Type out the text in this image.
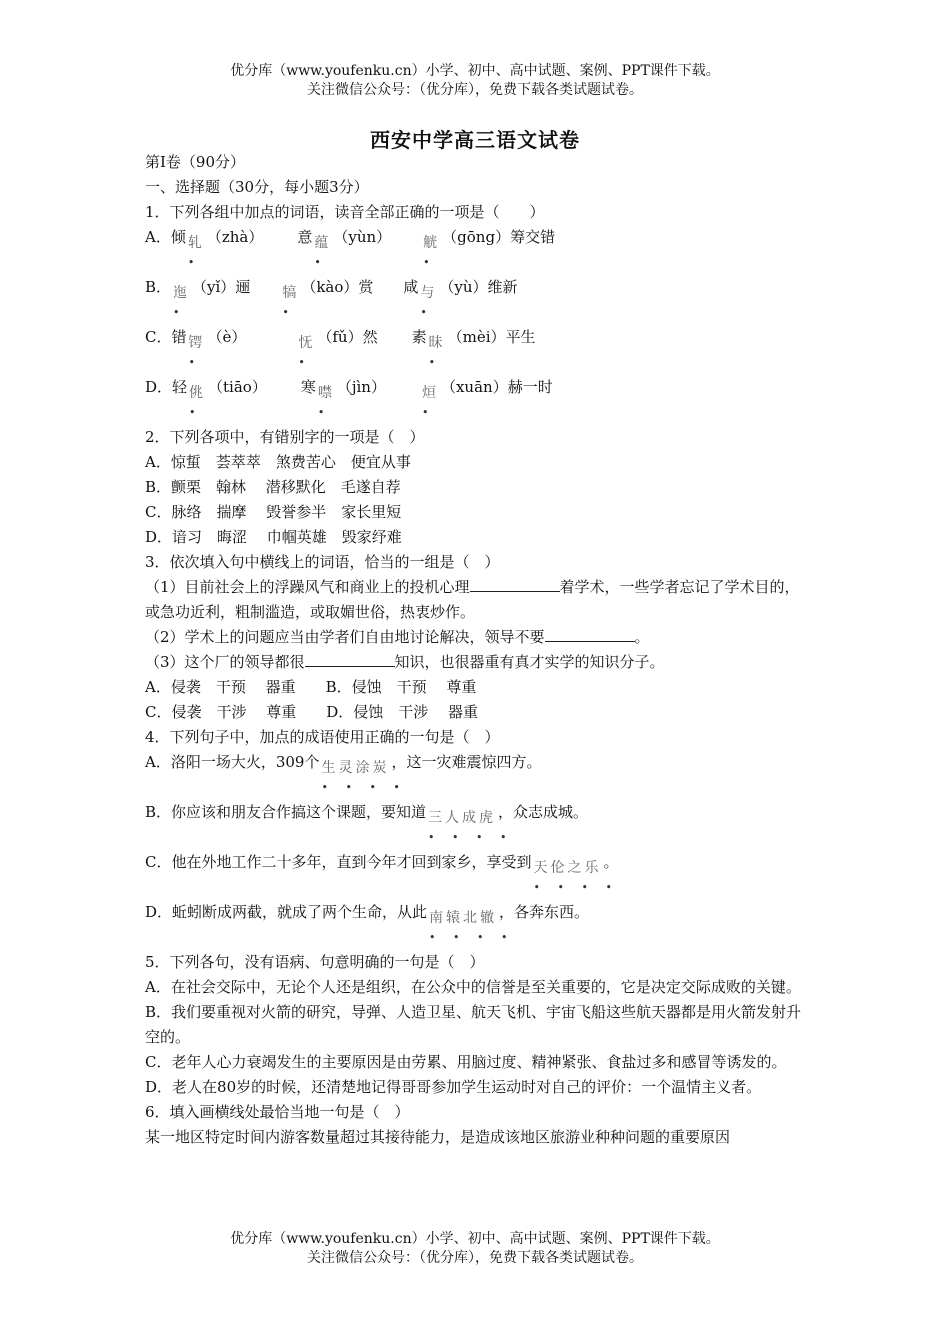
优分库（www.youfenku.cn）小学、初中、高中试题、案例、PPT课件下载。
关注微信公众号：（优分库），免费下载各类试题试卷。
西安中学高三语文试卷
第I卷（90分）
一、选择题（30分，每小题3分）
1．下列各组中加点的词语，读音全部正确的一项是（　　）
A．倾 轧
•
（zhà） 意 蕴
•
（yùn） 觥
•
（gōng）筹交错
B． 迤
•
（yǐ）逦 犒
•
（kào）赏 咸 与
•
（yù）维新
C．错 锷
•
（è）	怃
•
（fǔ）然 素 昧
•
（mèi）平生
D．轻 佻
•
（tiāo） 寒 噤
•
（jìn）	烜
•
（xuān）赫一时
2．下列各项中，有错别字的一项是（　）
A．惊蜇　荟萃萃　煞费苦心　便宜从事
B．颤栗　翰林　 潜移默化　毛遂自荐
C．脉络　揣摩　 毁誉参半　家长里短
D．谙习　晦涩　 巾帼英雄　毁家纾难
3．依次填入句中横线上的词语，恰当的一组是（　）
（1）目前社会上的浮躁风气和商业上的投机心理	着学术，一些学者忘记了学术目的，或急功近利，粗制滥造，或取媚世俗，热衷炒作。
（2）学术上的问题应当由学者们自由地讨论解决，领导不要	。
（3）这个厂的领导都很	知识，也很器重有真才实学的知识分子。
A．侵袭　干预　 器重　　B．侵蚀　干预　 尊重
C．侵袭　干涉　 尊重　　D．侵蚀　干涉　 器重
4．下列句子中，加点的成语使用正确的一句是（　）
A．洛阳一场大火，309个 生灵涂炭
• • • •
，这一灾难震惊四方。
B．你应该和朋友合作搞这个课题，要知道 三人成虎
• • • •
，众志成城。
C．他在外地工作二十多年，直到今年才回到家乡，享受到 天伦之乐
• • • •
。
D．蚯蚓断成两截，就成了两个生命，从此 南辕北辙
• • • •
，各奔东西。
5．下列各句，没有语病、句意明确的一句是（　）
A．在社会交际中，无论个人还是组织，在公众中的信誉是至关重要的，它是决定交际成败的关键。
B．我们要重视对火箭的研究，导弹、人造卫星、航天飞机、宇宙飞船这些航天器都是用火箭发射升空的。
C．老年人心力衰竭发生的主要原因是由劳累、用脑过度、精神紧张、食盐过多和感冒等诱发的。
D．老人在80岁的时候，还清楚地记得哥哥参加学生运动时对自己的评价：一个温情主义者。
6．填入画横线处最恰当地一句是（　）
某一地区特定时间内游客数量超过其接待能力，是造成该地区旅游业种种问题的重要原因
优分库（www.youfenku.cn）小学、初中、高中试题、案例、PPT课件下载。
关注微信公众号：（优分库），免费下载各类试题试卷。
